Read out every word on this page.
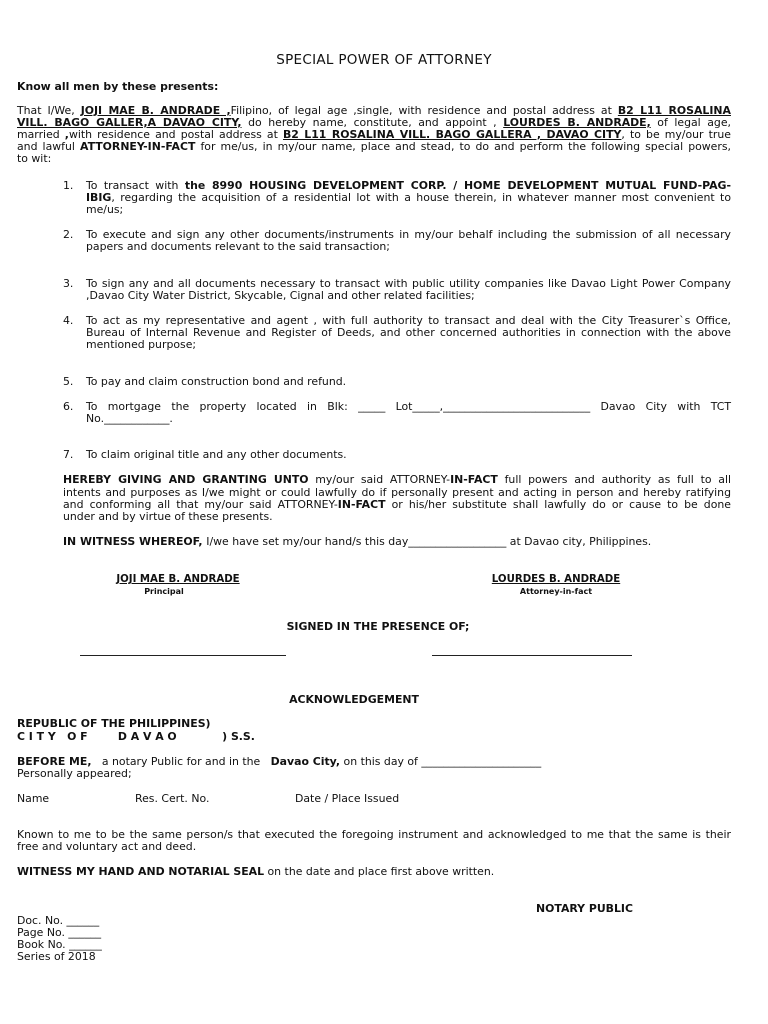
SPECIAL POWER OF ATTORNEY
Know all men by these presents:

That I/We, JOJI MAE B. ANDRADE ,Filipino, of legal age ,single, with residence and postal address at B2 L11 ROSALINA

VILL. BAGO GALLER,A DAVAO CITY, do hereby name, constitute, and appoint , LOURDES B. ANDRADE, of legal age,

married ,with residence and postal address at B2 L11 ROSALINA VILL. BAGO GALLERA , DAVAO CITY, to be my/our true

and lawful ATTORNEY-IN-FACT for me/us, in my/our name, place and stead, to do and perform the following special powers,

to wit:

1. To transact with the 8990 HOUSING DEVELOPMENT CORP. / HOME DEVELOPMENT MUTUAL FUND-PAG-

IBIG, regarding the acquisition of a residential lot with a house therein, in whatever manner most convenient to

me/us;

2. To execute and sign any other documents/instruments in my/our behalf including the submission of all necessary

papers and documents relevant to the said transaction;

3. To sign any and all documents necessary to transact with public utility companies like Davao Light Power Company

,Davao City Water District, Skycable, Cignal and other related facilities;

4. To act as my representative and agent , with full authority to transact and deal with the City Treasurer`s Office,

Bureau of Internal Revenue and Register of Deeds, and other concerned authorities in connection with the above

mentioned purpose;

5. To pay and claim construction bond and refund.

6. To mortgage the property located in Blk: _____ Lot_____,___________________________ Davao City with TCT

No.____________.

7. To claim original title and any other documents.

HEREBY GIVING AND GRANTING UNTO my/our said ATTORNEY-IN-FACT full powers and authority as full to all

intents and purposes as I/we might or could lawfully do if personally present and acting in person and hereby ratifying

and conforming all that my/our said ATTORNEY-IN-FACT or his/her substitute shall lawfully do or cause to be done

under and by virtue of these presents.

IN WITNESS WHEREOF, I/we have set my/our hand/s this day__________________ at Davao city, Philippines.

JOJI MAE B. ANDRADE
Principal
LOURDES B. ANDRADE
Attorney-in-fact
SIGNED IN THE PRESENCE OF;
ACKNOWLEDGEMENT
REPUBLIC OF THE PHILIPPINES)
C I T Y   O F        D A V A O            ) S.S.

BEFORE ME,   a notary Public for and in the   Davao City, on this day of ______________________

Personally appeared;
Name	Res. Cert. No.	Date / Place Issued

Known to me to be the same person/s that executed the foregoing instrument and acknowledged to me that the same is their

free and voluntary act and deed.

WITNESS MY HAND AND NOTARIAL SEAL on the date and place first above written.

NOTARY PUBLIC
Doc. No. ______
Page No. ______
Book No. ______
Series of 2018
